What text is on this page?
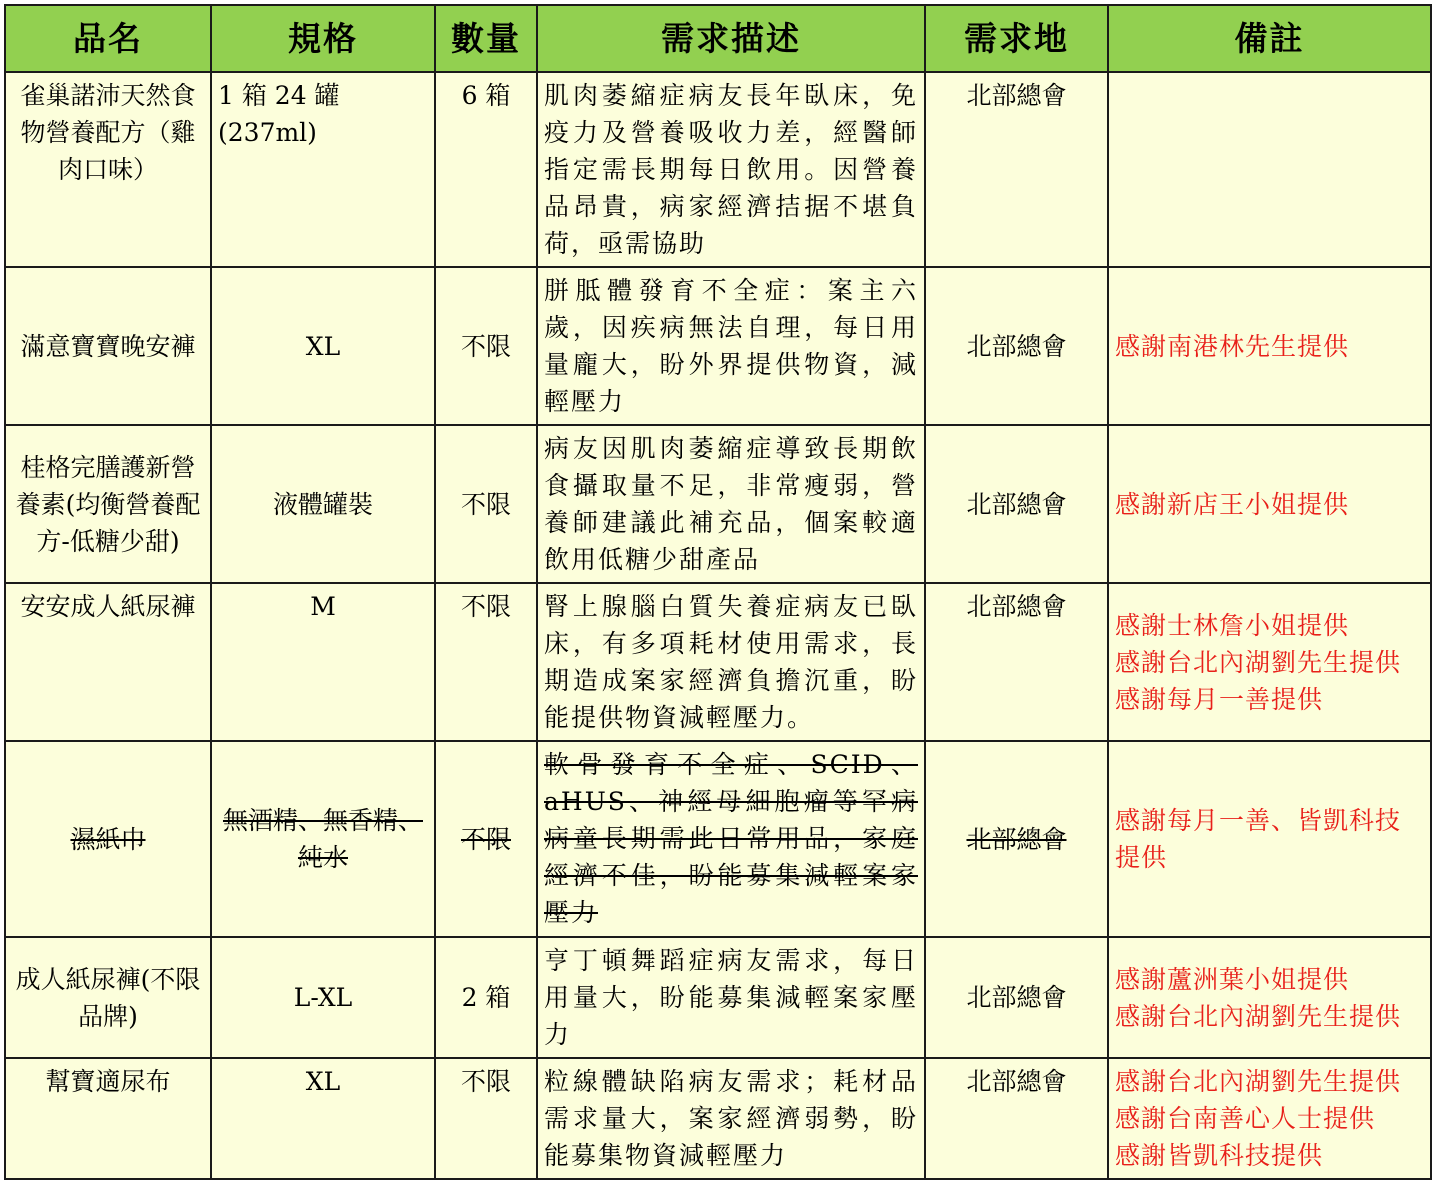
品名	規格	數量	需求描述	需求地	備註
雀巢諾沛天然食物營養配方（雞肉口味）	1 箱 24 罐(237ml)	6 箱	肌肉萎縮症病友長年臥床，免疫力及營養吸收力差，經醫師指定需長期每日飲用。因營養品昂貴，病家經濟拮据不堪負荷，亟需協助	北部總會	
滿意寶寶晚安褲	XL	不限	胼胝體發育不全症：案主六歲，因疾病無法自理，每日用量龐大，盼外界提供物資，減輕壓力	北部總會	感謝南港林先生提供

桂格完膳護新營養素(均衡營養配方-低糖少甜)	液體罐裝	不限	病友因肌肉萎縮症導致長期飲食攝取量不足，非常瘦弱，營養師建議此補充品，個案較適飲用低糖少甜產品	北部總會	感謝新店王小姐提供

安安成人紙尿褲	M	不限	腎上腺腦白質失養症病友已臥床，有多項耗材使用需求，長期造成案家經濟負擔沉重，盼能提供物資減輕壓力。	北部總會	感謝士林詹小姐提供
感謝台北內湖劉先生提供
感謝每月一善提供

濕紙巾	無酒精、無香精、純水	不限	軟骨發育不全症、SCID、aHUS、神經母細胞瘤等罕病病童長期需此日常用品，家庭經濟不佳，盼能募集減輕案家壓力	北部總會	感謝每月一善、皆凱科技提供
成人紙尿褲(不限品牌)	L-XL	2 箱	亨丁頓舞蹈症病友需求，每日用量大，盼能募集減輕案家壓力	北部總會	感謝蘆洲葉小姐提供
感謝台北內湖劉先生提供

幫寶適尿布	XL	不限	粒線體缺陷病友需求；耗材品需求量大，案家經濟弱勢，盼能募集物資減輕壓力	北部總會	感謝台北內湖劉先生提供
感謝台南善心人士提供
感謝皆凱科技提供
